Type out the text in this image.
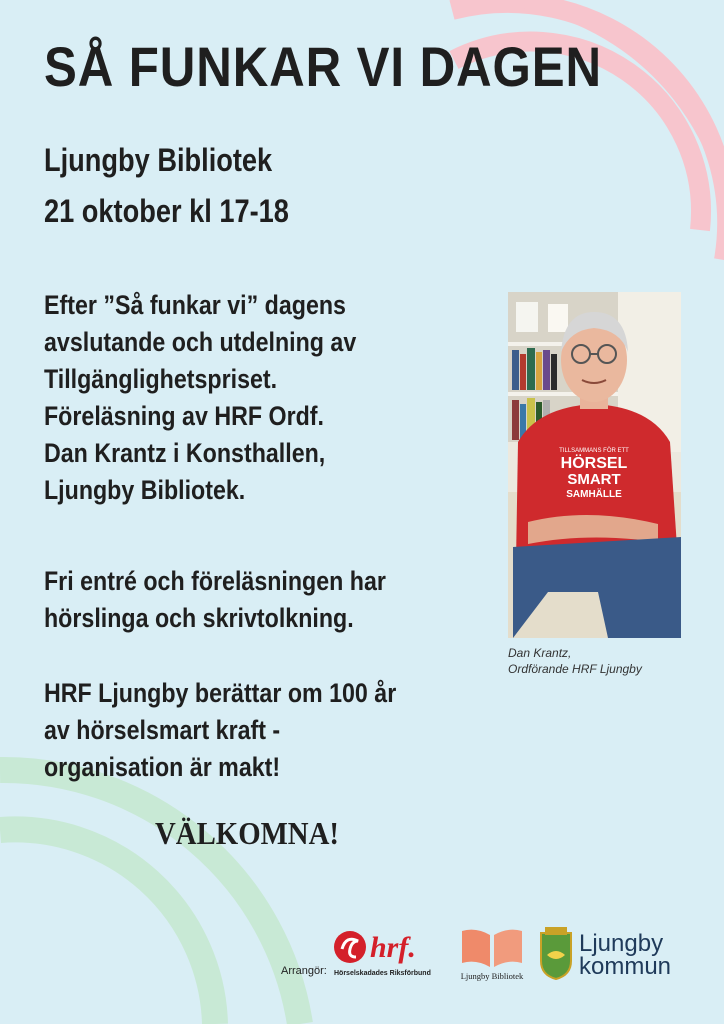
SÅ FUNKAR VI DAGEN
Ljungby Bibliotek
21 oktober kl 17-18
Efter ”Så funkar vi” dagens
avslutande och utdelning av
Tillgänglighetspriset.
Föreläsning av HRF Ordf.
Dan Krantz i Konsthallen,
Ljungby Bibliotek.
Fri entré och föreläsningen har
hörslinga och skrivtolkning.
HRF Ljungby berättar om 100 år
av hörselsmart kraft -
organisation är makt!
VÄLKOMNA!
TILLSAMMANS FÖR ETT
HÖRSEL
SMART
SAMHÄLLE
Dan Krantz,
Ordförande HRF Ljungby
Arrangör:
hrf.
Hörselskadades Riksförbund	Ljungby Bibliotek
Ljungby
kommun
